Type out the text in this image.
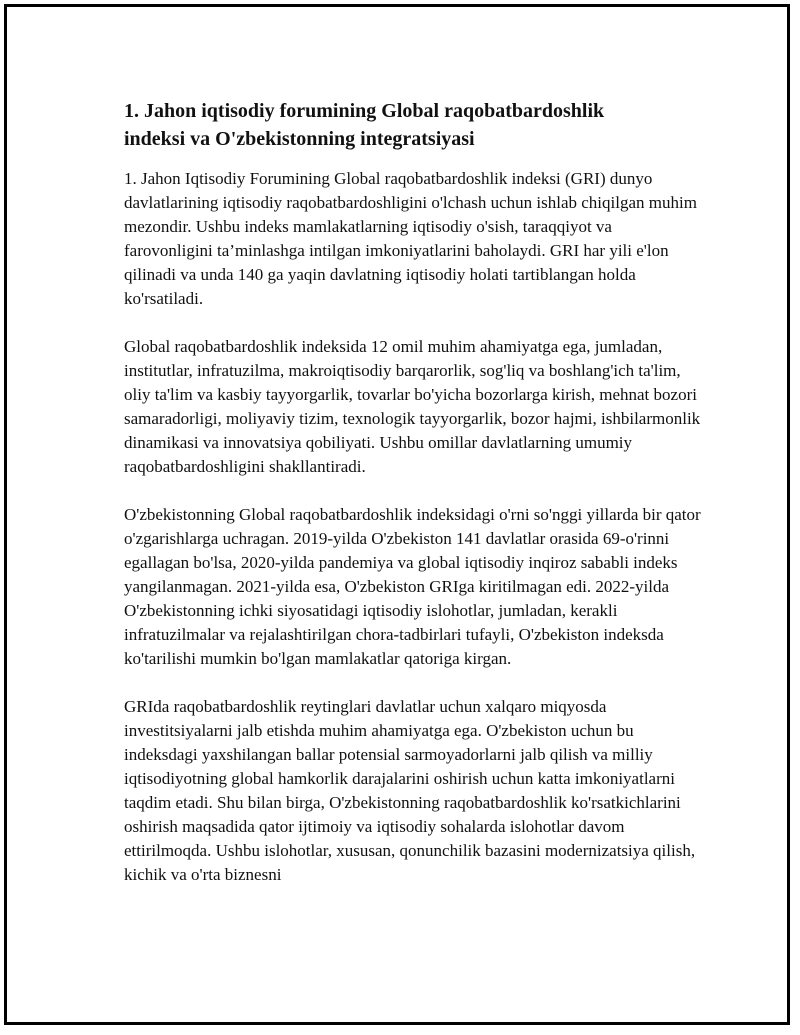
1. Jahon iqtisodiy forumining Global raqobatbardoshlik
indeksi va O'zbekistonning integratsiyasi

1. Jahon Iqtisodiy Forumining Global raqobatbardoshlik indeksi (GRI) dunyo davlatlarining iqtisodiy raqobatbardoshligini o'lchash uchun ishlab chiqilgan muhim mezondir. Ushbu indeks mamlakatlarning iqtisodiy o'sish, taraqqiyot va farovonligini ta’minlashga intilgan imkoniyatlarini baholaydi. GRI har yili e'lon qilinadi va unda 140 ga yaqin davlatning iqtisodiy holati tartiblangan holda ko'rsatiladi.

Global raqobatbardoshlik indeksida 12 omil muhim ahamiyatga ega, jumladan, institutlar, infratuzilma, makroiqtisodiy barqarorlik, sog'liq va boshlang'ich ta'lim, oliy ta'lim va kasbiy tayyorgarlik, tovarlar bo'yicha bozorlarga kirish, mehnat bozori samaradorligi, moliyaviy tizim, texnologik tayyorgarlik, bozor hajmi, ishbilarmonlik dinamikasi va innovatsiya qobiliyati. Ushbu omillar davlatlarning umumiy raqobatbardoshligini shakllantiradi.

O'zbekistonning Global raqobatbardoshlik indeksidagi o'rni so'nggi yillarda bir qator o'zgarishlarga uchragan. 2019-yilda O'zbekiston 141 davlatlar orasida 69-o'rinni egallagan bo'lsa, 2020-yilda pandemiya va global iqtisodiy inqiroz sababli indeks yangilanmagan. 2021-yilda esa, O'zbekiston GRIga kiritilmagan edi. 2022-yilda O'zbekistonning ichki siyosatidagi iqtisodiy islohotlar, jumladan, kerakli infratuzilmalar va rejalashtirilgan chora-tadbirlari tufayli, O'zbekiston indeksda ko'tarilishi mumkin bo'lgan mamlakatlar qatoriga kirgan.

GRIda raqobatbardoshlik reytinglari davlatlar uchun xalqaro miqyosda investitsiyalarni jalb etishda muhim ahamiyatga ega. O'zbekiston uchun bu indeksdagi yaxshilangan ballar potensial sarmoyadorlarni jalb qilish va milliy iqtisodiyotning global hamkorlik darajalarini oshirish uchun katta imkoniyatlarni taqdim etadi. Shu bilan birga, O'zbekistonning raqobatbardoshlik ko'rsatkichlarini oshirish maqsadida qator ijtimoiy va iqtisodiy sohalarda islohotlar davom ettirilmoqda. Ushbu islohotlar, xususan, qonunchilik bazasini modernizatsiya qilish, kichik va o'rta biznesni
